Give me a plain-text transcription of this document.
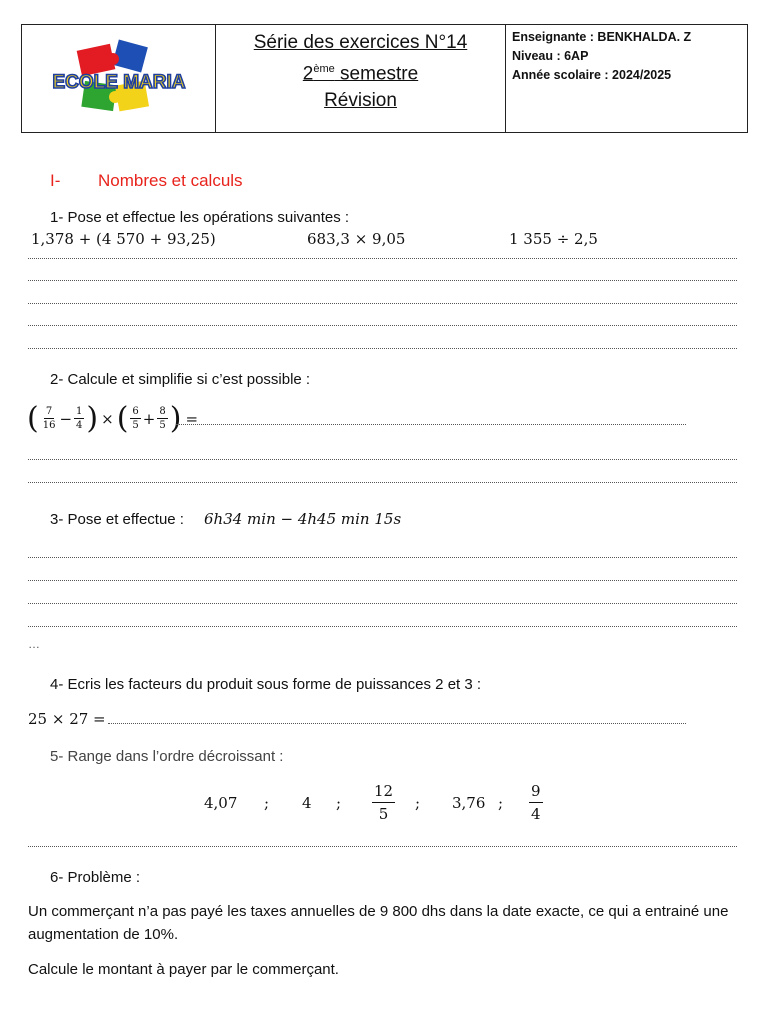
ECOLE MARIA
Série des exercices N°14
2ème semestre
Révision
Enseignante : BENKHALDA. Z
Niveau : 6AP
Année scolaire : 2024/2025
I- Nombres et calculs
1- Pose et effectue les opérations suivantes :
1,378 + (4 570 + 93,25)	683,3 × 9,05	1 355 ÷ 2,5
2- Calcule et simplifie si c’est possible :
( $\frac{7}{16} - \frac{1}{4}$ ) × ( $\frac{6}{5} + \frac{8}{5}$ ) =
3- Pose et effectue : 6h34 min − 4h45 min 15s
…
4- Ecris les facteurs du produit sous forme de puissances 2 et 3 :
25 × 27 =
5- Range dans l’ordre décroissant :
4,07 ; 4 ; $\frac{12}{5}$ ; 3,76 ; $\frac{9}{4}$
6- Problème :
Un commerçant n’a pas payé les taxes annuelles de 9 800 dhs dans la date exacte, ce qui a entrainé une
augmentation de 10%.
Calcule le montant à payer par le commerçant.
